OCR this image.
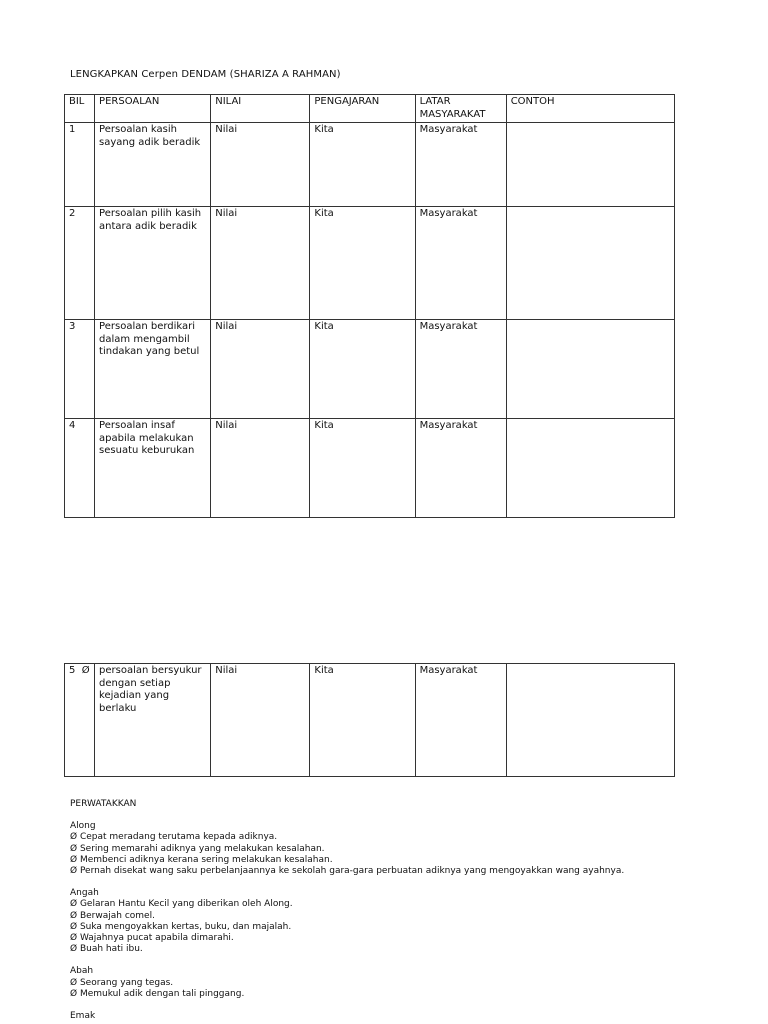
LENGKAPKAN Cerpen DENDAM (SHARIZA A RAHMAN)
BIL	PERSOALAN	NILAI	PENGAJARAN	LATAR MASYARAKAT	CONTOH
1	Persoalan kasih sayang adik beradik	Nilai	Kita	Masyarakat	
2	Persoalan pilih kasih antara adik beradik	Nilai	Kita	Masyarakat	
3	Persoalan berdikari dalam mengambil tindakan yang betul	Nilai	Kita	Masyarakat	
4	Persoalan insaf apabila melakukan sesuatu keburukan	Nilai	Kita	Masyarakat	
5  Ø	persoalan bersyukur dengan setiap kejadian yang berlaku	Nilai	Kita	Masyarakat	

PERWATAKKAN

Along

Ø Cepat meradang terutama kepada adiknya.

Ø Sering memarahi adiknya yang melakukan kesalahan.

Ø Membenci adiknya kerana sering melakukan kesalahan.

Ø Pernah disekat wang saku perbelanjaannya ke sekolah gara-gara perbuatan adiknya yang mengoyakkan wang ayahnya.

Angah

Ø Gelaran Hantu Kecil yang diberikan oleh Along.

Ø Berwajah comel.

Ø Suka mengoyakkan kertas, buku, dan majalah.

Ø Wajahnya pucat apabila dimarahi.

Ø Buah hati ibu.

Abah

Ø Seorang yang tegas.

Ø Memukul adik dengan tali pinggang.

Emak
